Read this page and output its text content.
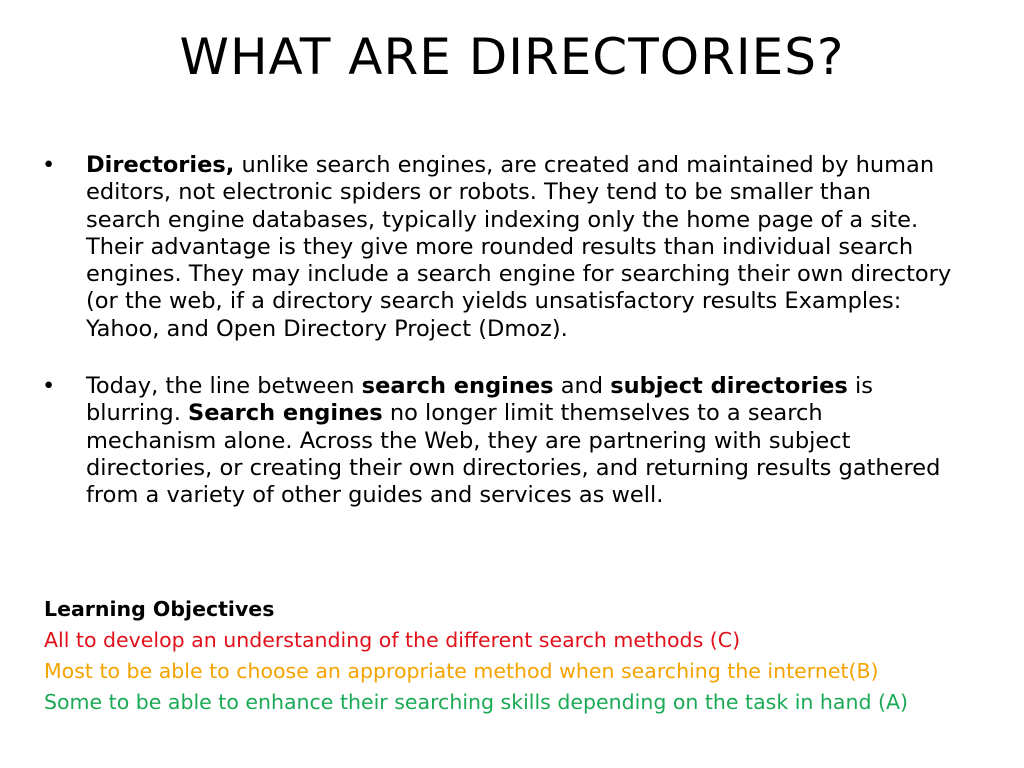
WHAT ARE DIRECTORIES?
• Directories, unlike search engines, are created and maintained by human editors, not electronic spiders or robots. They tend to be smaller than search engine databases, typically indexing only the home page of a site. Their advantage is they give more rounded results than individual search engines. They may include a search engine for searching their own directory (or the web, if a directory search yields unsatisfactory results Examples: Yahoo, and Open Directory Project (Dmoz).
• Today, the line between search engines and subject directories is blurring. Search engines no longer limit themselves to a search mechanism alone. Across the Web, they are partnering with subject directories, or creating their own directories, and returning results gathered from a variety of other guides and services as well.
Learning Objectives
All to develop an understanding of the different search methods (C)
Most to be able to choose an appropriate method when searching the internet(B)
Some to be able to enhance their searching skills depending on the task in hand (A)
